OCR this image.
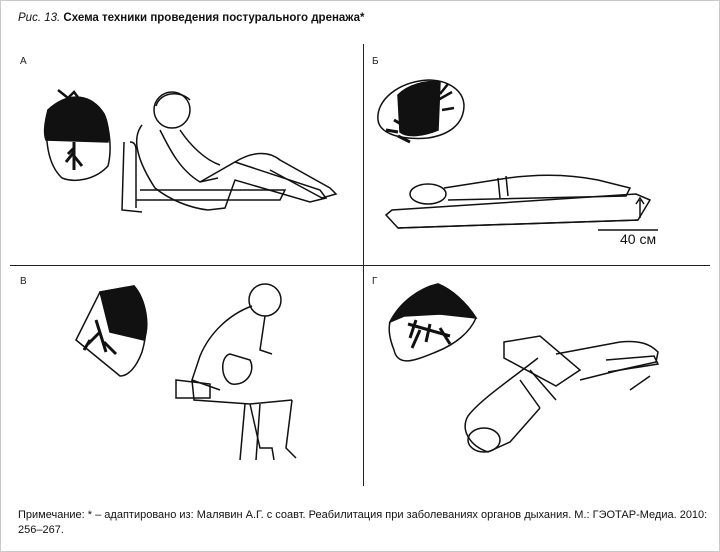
Рис. 13. Схема техники проведения постурального дренажа*
А	Б
40 см
В	Г
Примечание: * – адаптировано из: Малявин А.Г. с соавт. Реабилитация при заболеваниях органов дыхания. М.: ГЭОТАР-Медиа. 2010: 256–267.
